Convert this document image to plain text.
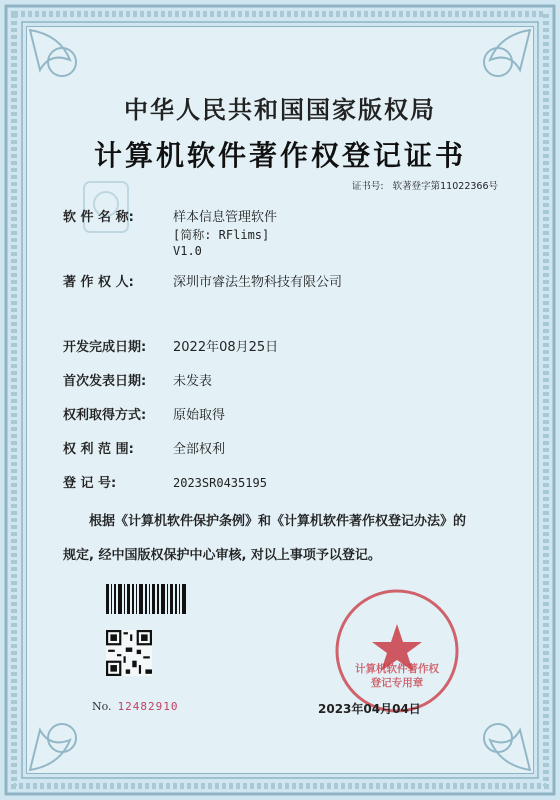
中华人民共和国国家版权局
计算机软件著作权登记证书
证书号: 软著登字第11022366号
软 件 名 称:	样本信息管理软件
[简称: RFlims]
V1.0
著 作 权 人:	深圳市睿法生物科技有限公司
开发完成日期: 2022年08月25日
首次发表日期: 未发表
权利取得方式: 原始取得
权 利 范 围:	全部权利
登 记 号:	2023SR0435195
根据《计算机软件保护条例》和《计算机软件著作权登记办法》的
规定, 经中国版权保护中心审核, 对以上事项予以登记。
No. 12482910
计算机软件著作权
登记专用章
2023年04月04日
